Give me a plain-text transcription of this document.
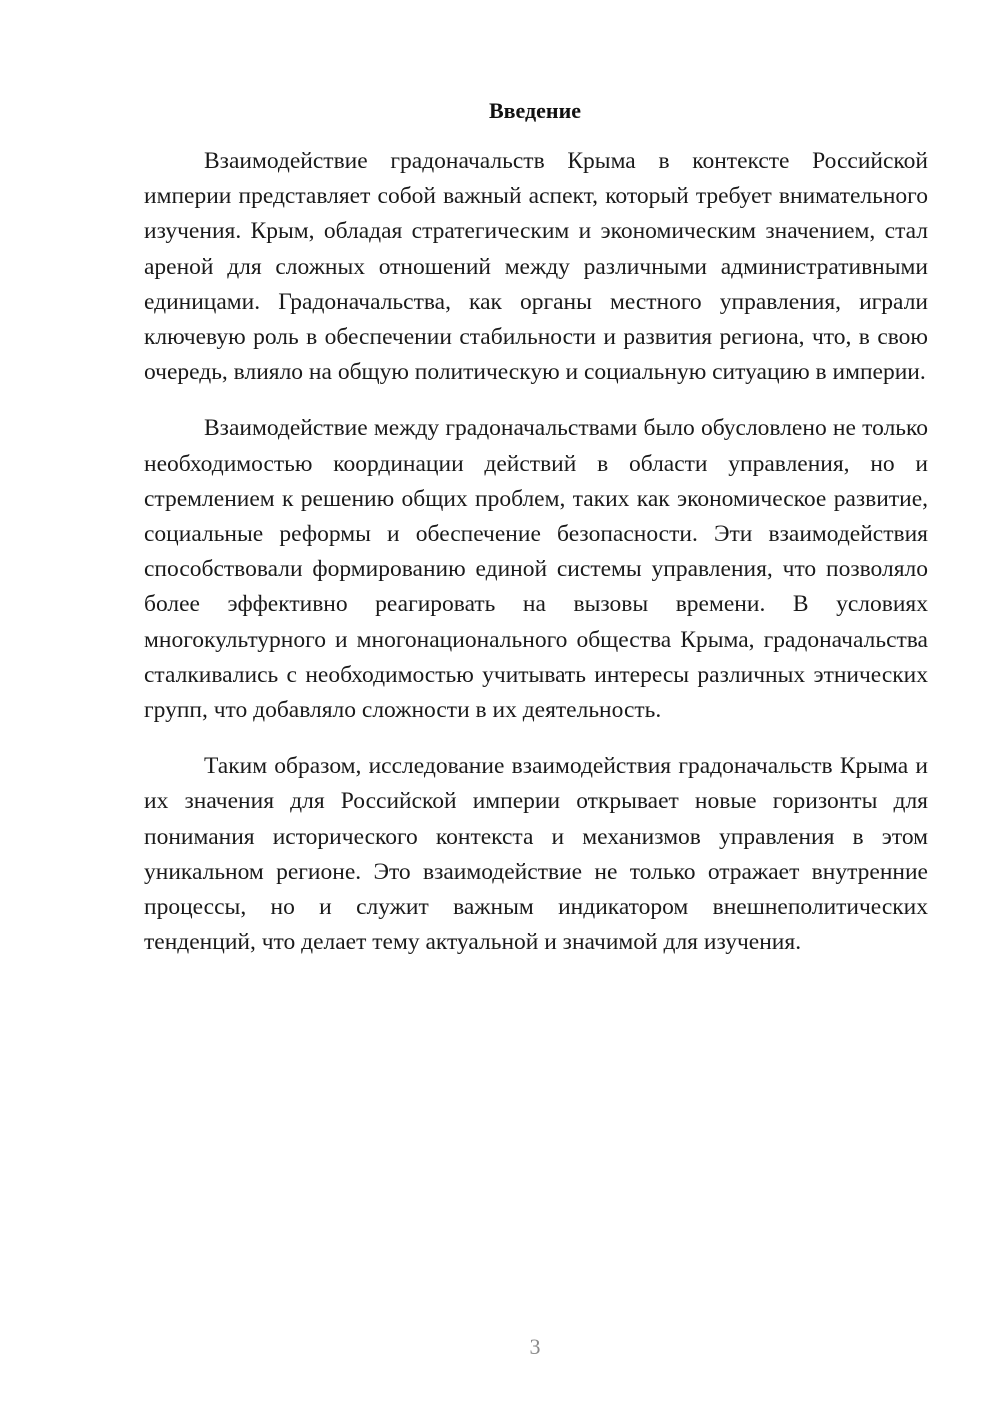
Введение

Взаимодействие градоначальств Крыма в контексте Российской империи представляет собой важный аспект, который требует внимательного изучения. Крым, обладая стратегическим и экономическим значением, стал ареной для сложных отношений между различными административными единицами. Градоначальства, как органы местного управления, играли ключевую роль в обеспечении стабильности и развития региона, что, в свою очередь, влияло на общую политическую и социальную ситуацию в империи.

Взаимодействие между градоначальствами было обусловлено не только необходимостью координации действий в области управления, но и стремлением к решению общих проблем, таких как экономическое развитие, социальные реформы и обеспечение безопасности. Эти взаимодействия способствовали формированию единой системы управления, что позволяло более эффективно реагировать на вызовы времени. В условиях многокультурного и многонационального общества Крыма, градоначальства сталкивались с необходимостью учитывать интересы различных этнических групп, что добавляло сложности в их деятельность.

Таким образом, исследование взаимодействия градоначальств Крыма и их значения для Российской империи открывает новые горизонты для понимания исторического контекста и механизмов управления в этом уникальном регионе. Это взаимодействие не только отражает внутренние процессы, но и служит важным индикатором внешнеполитических тенденций, что делает тему актуальной и значимой для изучения.

3
